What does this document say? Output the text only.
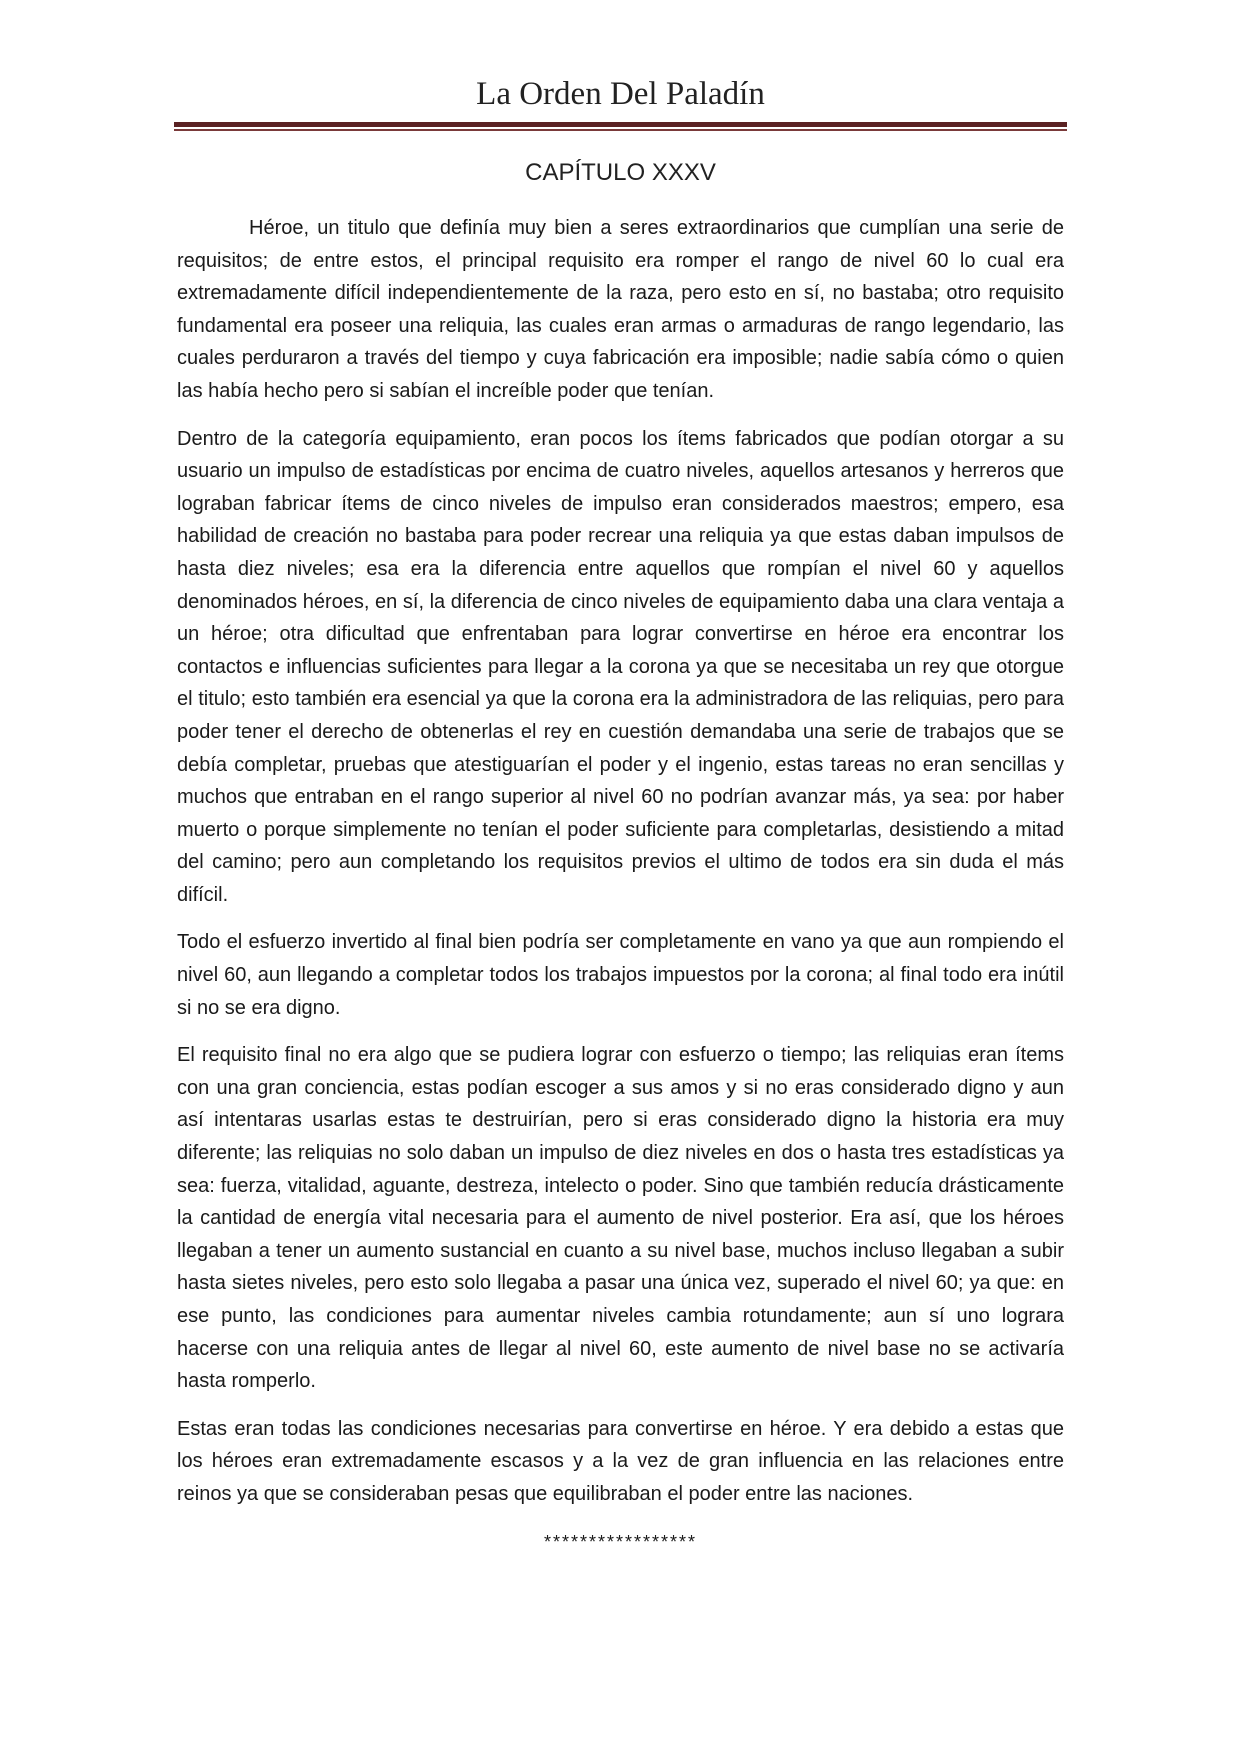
La Orden Del Paladín
CAPÍTULO XXXV

Héroe, un titulo que definía muy bien a seres extraordinarios que cumplían una serie de requisitos; de entre estos, el principal requisito era romper el rango de nivel 60 lo cual era extremadamente difícil independientemente de la raza, pero esto en sí, no bastaba; otro requisito fundamental era poseer una reliquia, las cuales eran armas o armaduras de rango legendario, las cuales perduraron a través del tiempo y cuya fabricación era imposible; nadie sabía cómo o quien las había hecho pero si sabían el increíble poder que tenían.

Dentro de la categoría equipamiento, eran pocos los ítems fabricados que podían otorgar a su usuario un impulso de estadísticas por encima de cuatro niveles, aquellos artesanos y herreros que lograban fabricar ítems de cinco niveles de impulso eran considerados maestros; empero, esa habilidad de creación no bastaba para poder recrear una reliquia ya que estas daban impulsos de hasta diez niveles; esa era la diferencia entre aquellos que rompían el nivel 60 y aquellos denominados héroes, en sí, la diferencia de cinco niveles de equipamiento daba una clara ventaja a un héroe; otra dificultad que enfrentaban para lograr convertirse en héroe era encontrar los contactos e influencias suficientes para llegar a la corona ya que se necesitaba un rey que otorgue el titulo; esto también era esencial ya que la corona era la administradora de las reliquias, pero para poder tener el derecho de obtenerlas el rey en cuestión demandaba una serie de trabajos que se debía completar, pruebas que atestiguarían el poder y el ingenio, estas tareas no eran sencillas y muchos que entraban en el rango superior al nivel 60 no podrían avanzar más, ya sea: por haber muerto o porque simplemente no tenían el poder suficiente para completarlas, desistiendo a mitad del camino; pero aun completando los requisitos previos el ultimo de todos era sin duda el más difícil.

Todo el esfuerzo invertido al final bien podría ser completamente en vano ya que aun rompiendo el nivel 60, aun llegando a completar todos los trabajos impuestos por la corona; al final todo era inútil si no se era digno.

El requisito final no era algo que se pudiera lograr con esfuerzo o tiempo; las reliquias eran ítems con una gran conciencia, estas podían escoger a sus amos y si no eras considerado digno y aun así intentaras usarlas estas te destruirían, pero si eras considerado digno la historia era muy diferente; las reliquias no solo daban un impulso de diez niveles en dos o hasta tres estadísticas ya sea: fuerza, vitalidad, aguante, destreza, intelecto o poder. Sino que también reducía drásticamente la cantidad de energía vital necesaria para el aumento de nivel posterior. Era así, que los héroes llegaban a tener un aumento sustancial en cuanto a su nivel base, muchos incluso llegaban a subir hasta sietes niveles, pero esto solo llegaba a pasar una única vez, superado el nivel 60; ya que: en ese punto, las condiciones para aumentar niveles cambia rotundamente; aun sí uno lograra hacerse con una reliquia antes de llegar al nivel 60, este aumento de nivel base no se activaría hasta romperlo.

Estas eran todas las condiciones necesarias para convertirse en héroe. Y era debido a estas que los héroes eran extremadamente escasos y a la vez de gran influencia en las relaciones entre reinos ya que se consideraban pesas que equilibraban el poder entre las naciones.

*****************
